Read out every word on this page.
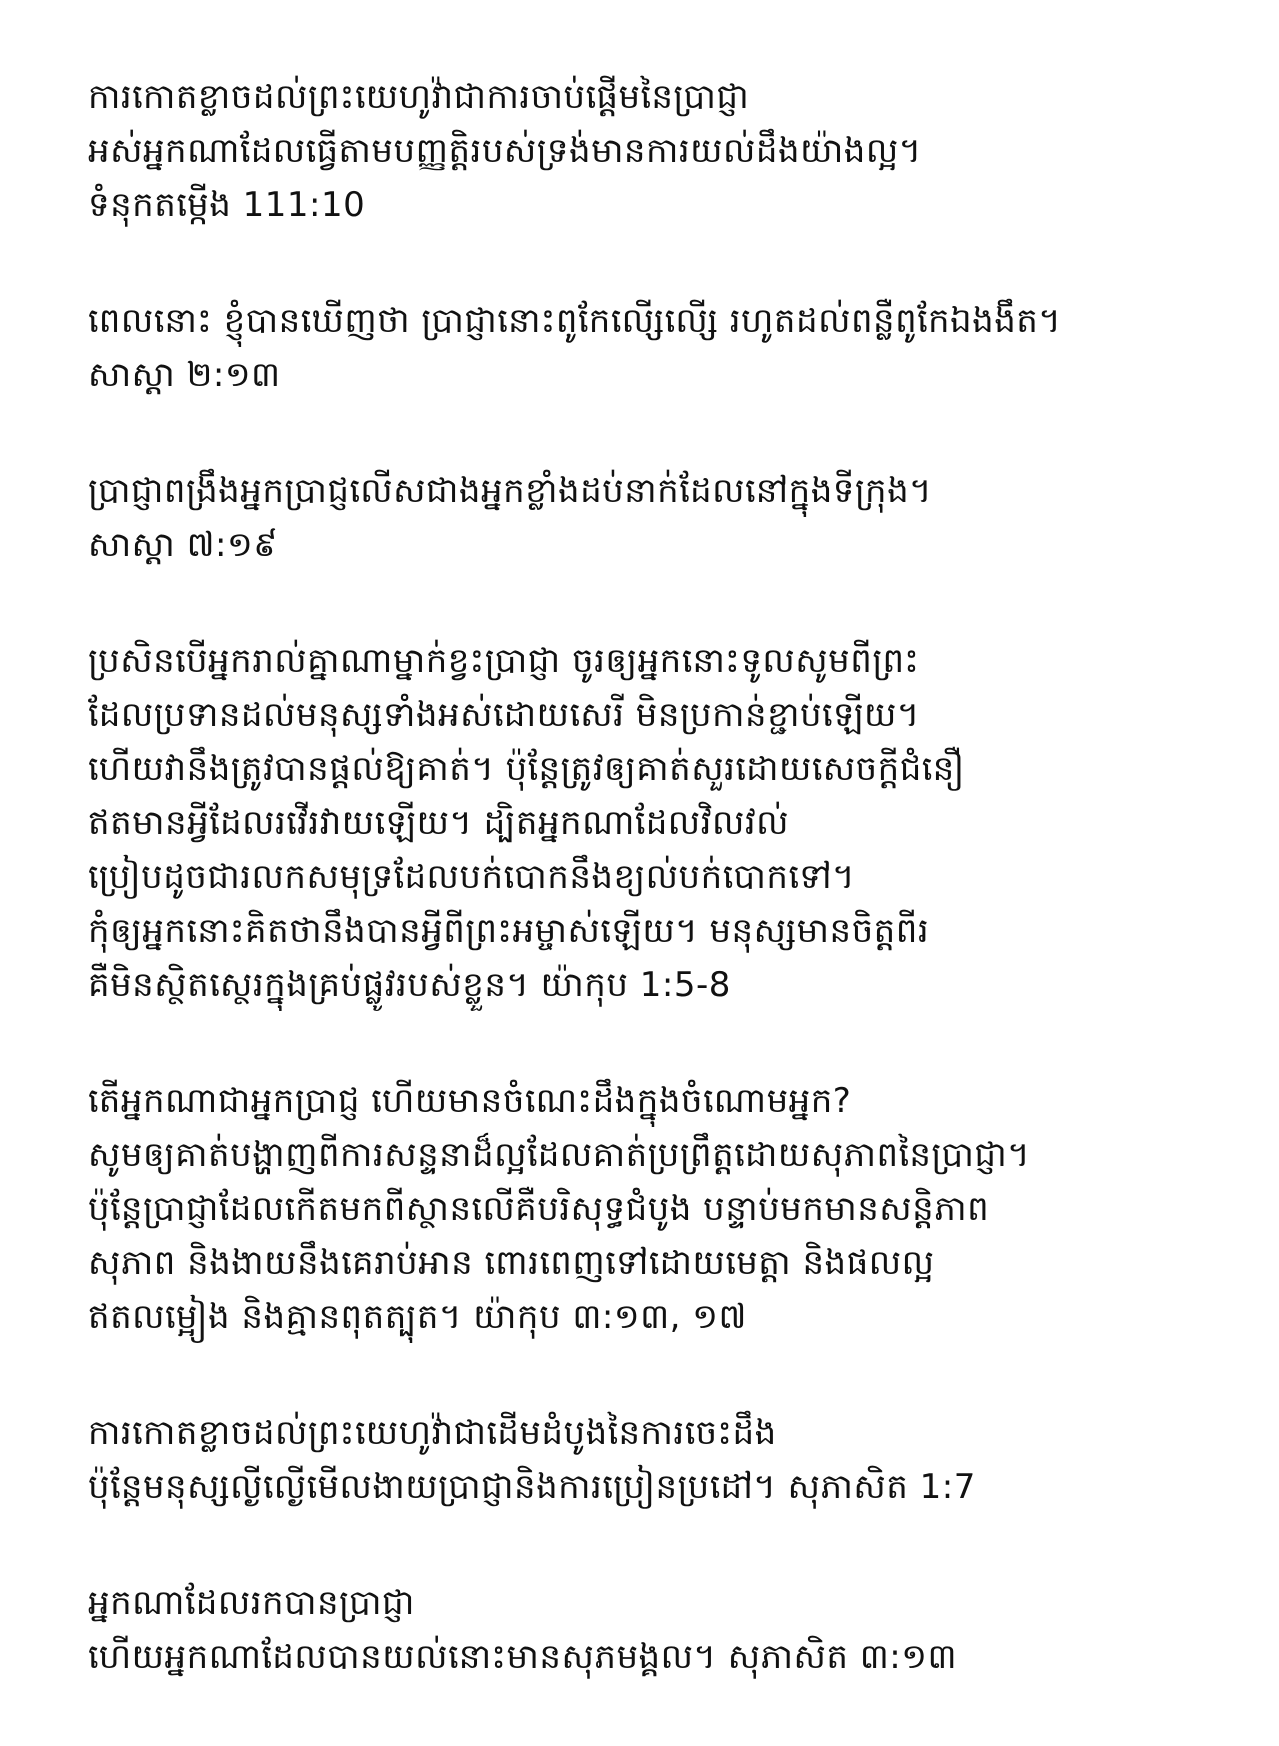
ការកោតខ្លាចដល់ព្រះយេហូវ៉ាជាការចាប់ផ្ដើមនៃប្រាជ្ញា
អស់អ្នកណាដែលធ្វើតាមបញ្ញត្តិរបស់ទ្រង់មានការយល់ដឹងយ៉ាងល្អ។
ទំនុកតម្កើង 111:10
ពេលនោះ ខ្ញុំបានឃើញថា ប្រាជ្ញានោះពូកែលើ្សលើ្ស រហូតដល់ពន្លឺពូកែឯងងឹត។
សាស្តា ២:១៣
ប្រាជ្ញាពង្រឹងអ្នកប្រាជ្ញលើសជាងអ្នកខ្លាំងដប់នាក់ដែលនៅក្នុងទីក្រុង។
សាស្តា ៧:១៩
ប្រសិនបើអ្នករាល់គ្នាណាម្នាក់ខ្វះប្រាជ្ញា ចូរឲ្យអ្នកនោះទូលសូមពីព្រះ
ដែលប្រទានដល់មនុស្សទាំងអស់ដោយសេរី មិនប្រកាន់ខ្ជាប់ឡើយ។
ហើយវានឹងត្រូវបានផ្ដល់ឱ្យគាត់។ ប៉ុន្តែត្រូវឲ្យគាត់សួរដោយសេចក្ដីជំនឿ
ឥតមានអ្វីដែលរវើរវាយឡើយ។ ដ្បិតអ្នកណាដែលវិលវល់
ប្រៀបដូចជារលកសមុទ្រដែលបក់បោកនឹងខ្យល់បក់បោកទៅ។
កុំឲ្យអ្នកនោះគិតថានឹងបានអ្វីពីព្រះអម្ចាស់ឡើយ។ មនុស្សមានចិត្តពីរ
គឺមិនស្ថិតស្ថេរក្នុងគ្រប់ផ្លូវរបស់ខ្លួន។ យ៉ាកុប 1:5-8
តើអ្នកណាជាអ្នកប្រាជ្ញ ហើយមានចំណេះដឹងក្នុងចំណោមអ្នក?
សូមឲ្យគាត់បង្ហាញពីការសន្ទនាដ៏ល្អដែលគាត់ប្រព្រឹត្តដោយសុភាពនៃប្រាជ្ញា។
ប៉ុន្តែប្រាជ្ញាដែលកើតមកពីស្ថានលើគឺបរិសុទ្ធជំបូង បន្ទាប់មកមានសន្តិភាព
សុភាព និងងាយនឹងគេរាប់អាន ពោរពេញទៅដោយមេត្តា និងផលល្អ
ឥតលម្អៀង និងគ្មានពុតត្បុត។ យ៉ាកុប ៣:១៣, ១៧
ការកោតខ្លាចដល់ព្រះយេហូវ៉ាជាដើមដំបូងនៃការចេះដឹង
ប៉ុន្តែមនុស្សល្ងីល្ងើមើលងាយប្រាជ្ញានិងការប្រៀនប្រដៅ។ សុភាសិត 1:7
អ្នកណាដែលរកបានប្រាជ្ញា
ហើយអ្នកណាដែលបានយល់នោះមានសុភមង្គល។ សុភាសិត ៣:១៣
